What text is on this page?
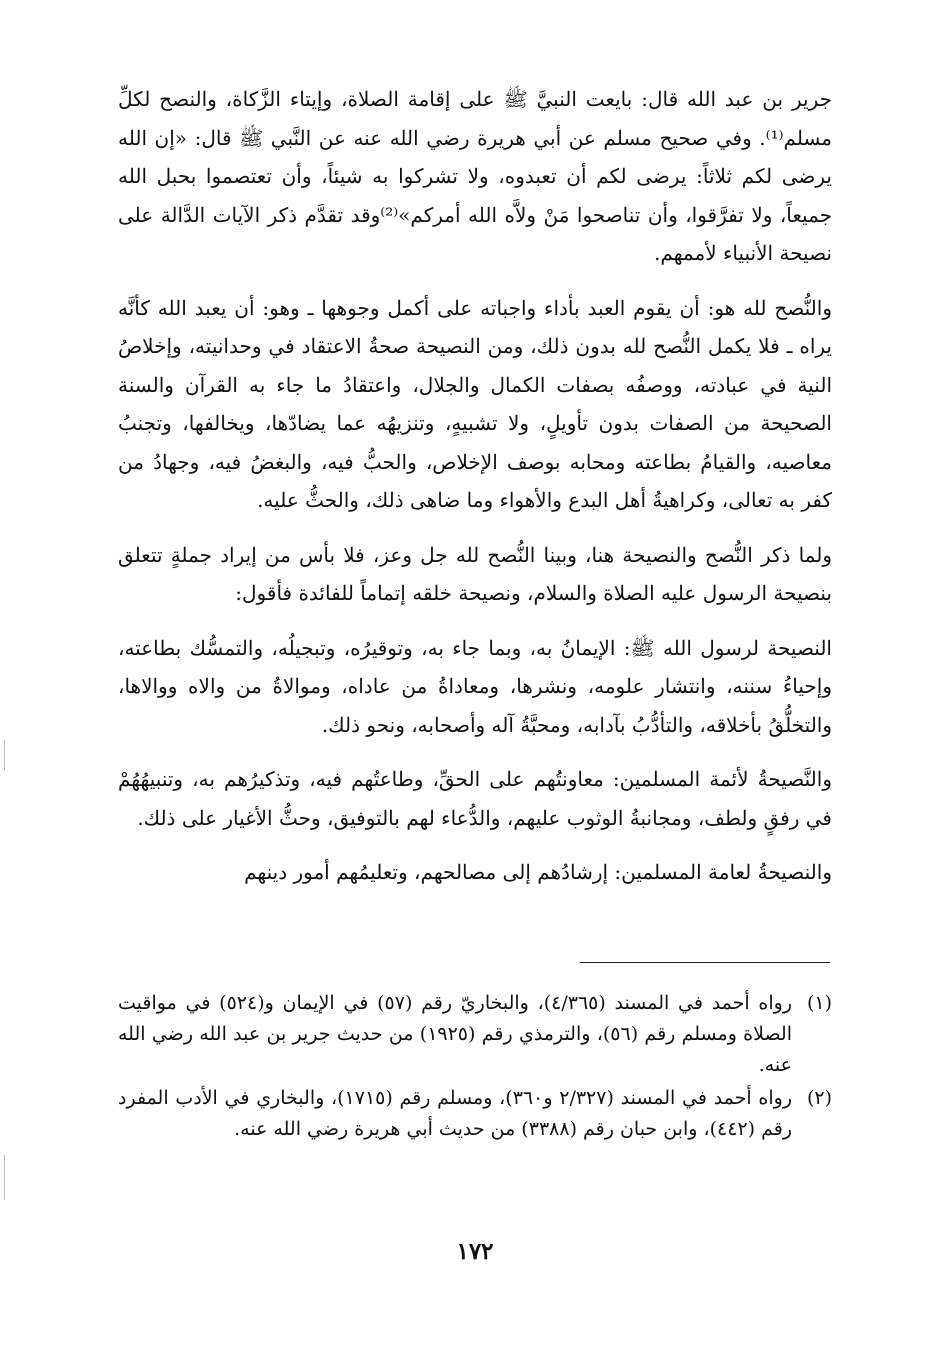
جرير بن عبد الله قال: بايعت النبيَّ ﷺ على إقامة الصلاة، وإيتاء الزَّكاة، والنصح لكلِّ مسلم⁽¹⁾. وفي صحيح مسلم عن أبي هريرة رضي الله عنه عن النَّبي ﷺ قال: «إن الله يرضى لكم ثلاثاً: يرضى لكم أن تعبدوه، ولا تشركوا به شيئاً، وأن تعتصموا بحبل الله جميعاً، ولا تفرَّقوا، وأن تناصحوا مَنْ ولاَّه الله أمركم»⁽²⁾وقد تقدَّم ذكر الآيات الدَّالة على نصيحة الأنبياء لأممهم.

والنُّصح لله هو: أن يقوم العبد بأداء واجباته على أكمل وجوهها ـ وهو: أن يعبد الله كأنَّه يراه ـ فلا يكمل النُّصح لله بدون ذلك، ومن النصيحة صحةُ الاعتقاد في وحدانيته، وإخلاصُ النية في عبادته، ووصفُه بصفات الكمال والجلال، واعتقادُ ما جاء به القرآن والسنة الصحيحة من الصفات بدون تأويلٍ، ولا تشبيهٍ، وتنزيهُه عما يضادّها، ويخالفها، وتجنبُ معاصيه، والقيامُ بطاعته ومحابه بوصف الإخلاص، والحبُّ فيه، والبغضُ فيه، وجهادُ من كفر به تعالى، وكراهيةُ أهل البدع والأهواء وما ضاهى ذلك، والحثُّ عليه.

ولما ذكر النُّصح والنصيحة هنا، وبينا النُّصح لله جل وعز، فلا بأس من إيراد جملةٍ تتعلق بنصيحة الرسول عليه الصلاة والسلام، ونصيحة خلقه إتماماً للفائدة فأقول:

النصيحة لرسول الله ﷺ: الإيمانُ به، وبما جاء به، وتوقيرُه، وتبجيلُه، والتمسُّك بطاعته، وإحياءُ سننه، وانتشار علومه، ونشرها، ومعاداةُ من عاداه، وموالاةُ من والاه ووالاها، والتخلُّقُ بأخلاقه، والتأدُّبُ بآدابه، ومحبَّةُ آله وأصحابه، ونحو ذلك.

والنَّصيحةُ لأئمة المسلمين: معاونتُهم على الحقِّ، وطاعتُهم فيه، وتذكيرُهم به، وتنبيهُهُمْ في رفقٍ ولطف، ومجانبةُ الوثوب عليهم، والدُّعاء لهم بالتوفيق، وحثُّ الأغيار على ذلك.

والنصيحةُ لعامة المسلمين: إرشادُهم إلى مصالحهم، وتعليمُهم أمور دينهم

(١)
رواه أحمد في المسند (٤/٣٦٥)، والبخاريّ رقم (٥٧) في الإيمان و(٥٢٤) في مواقيت الصلاة ومسلم رقم (٥٦)، والترمذي رقم (١٩٢٥) من حديث جرير بن عبد الله رضي الله عنه.
(٢)
رواه أحمد في المسند (٢/٣٢٧ و٣٦٠)، ومسلم رقم (١٧١٥)، والبخاري في الأدب المفرد رقم (٤٤٢)، وابن حبان رقم (٣٣٨٨) من حديث أبي هريرة رضي الله عنه.
١٧٢
